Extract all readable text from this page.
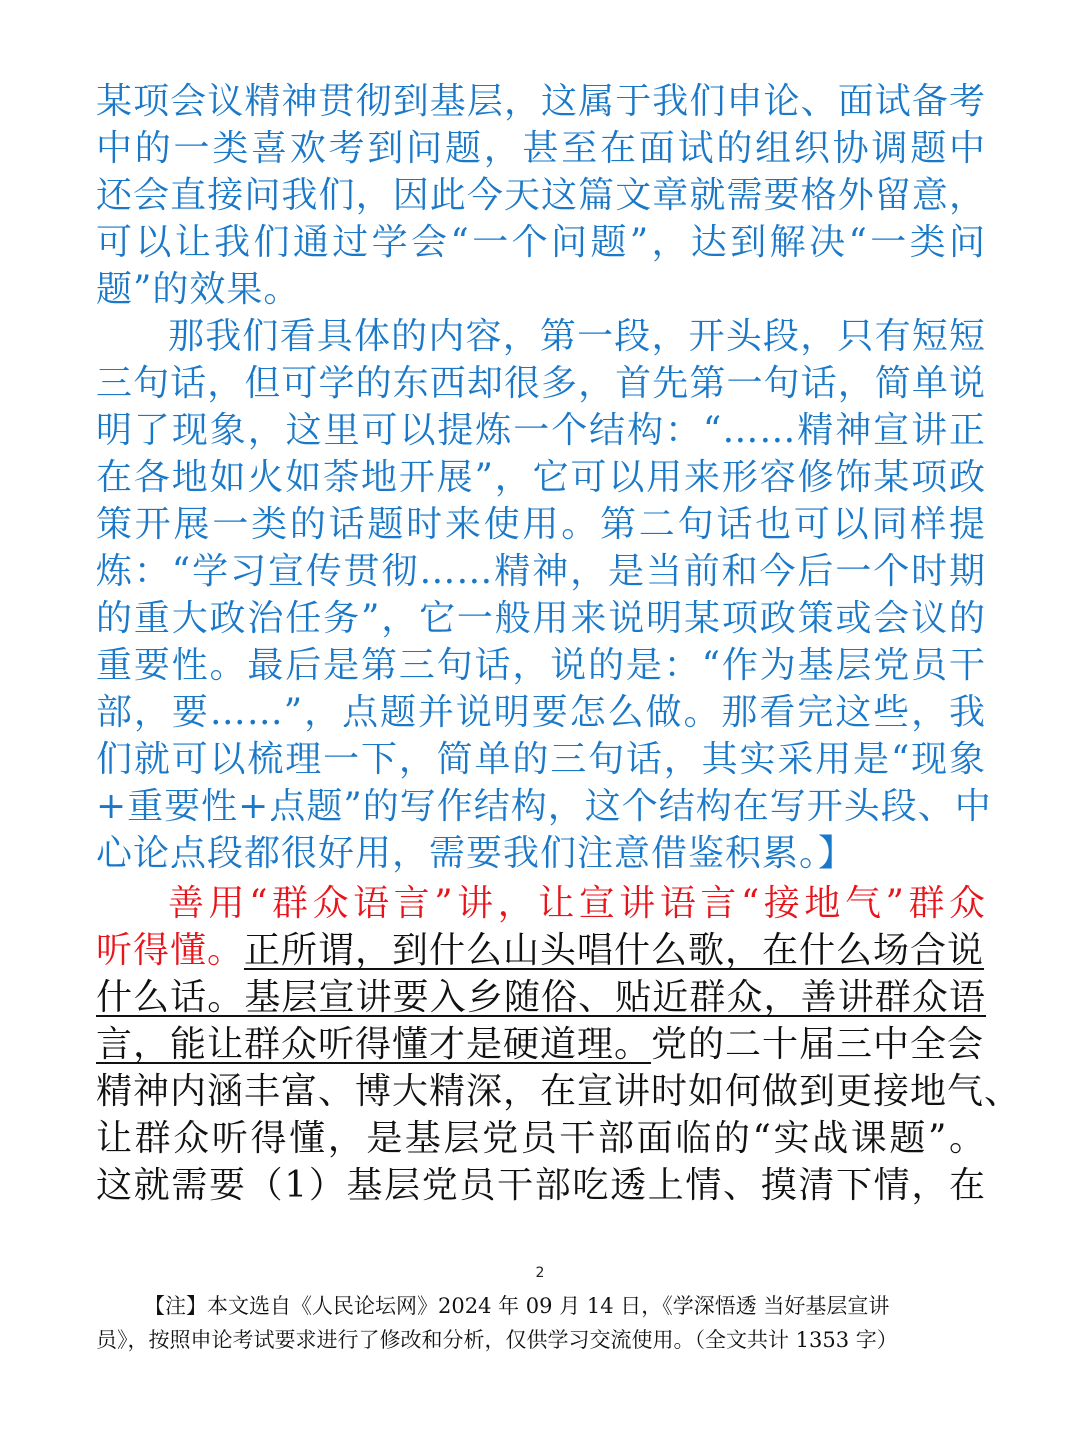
某项会议精神贯彻到基层，这属于我们申论、面试备考
中的一类喜欢考到问题，甚至在面试的组织协调题中
还会直接问我们，因此今天这篇文章就需要格外留意，
可以让我们通过学会“一个问题”，达到解决“一类问
题”的效果。
那我们看具体的内容，第一段，开头段，只有短短
三句话，但可学的东西却很多，首先第一句话，简单说
明了现象，这里可以提炼一个结构：“……精神宣讲正
在各地如火如荼地开展”，它可以用来形容修饰某项政
策开展一类的话题时来使用。第二句话也可以同样提
炼：“学习宣传贯彻……精神，是当前和今后一个时期
的重大政治任务”，它一般用来说明某项政策或会议的
重要性。最后是第三句话，说的是：“作为基层党员干
部，要……”，点题并说明要怎么做。那看完这些，我
们就可以梳理一下，简单的三句话，其实采用是“现象
+重要性+点题”的写作结构，这个结构在写开头段、中
心论点段都很好用，需要我们注意借鉴积累。】
善用“群众语言”讲，让宣讲语言“接地气”群众
听得懂。正所谓，到什么山头唱什么歌，在什么场合说
什么话。基层宣讲要入乡随俗、贴近群众，善讲群众语
言，能让群众听得懂才是硬道理。党的二十届三中全会
精神内涵丰富、博大精深，在宣讲时如何做到更接地气、
让群众听得懂，是基层党员干部面临的“实战课题”。
这就需要（1）基层党员干部吃透上情、摸清下情，在
2
【注】本文选自《人民论坛网》2024 年 09 月 14 日，《学深悟透 当好基层宣讲
员》，按照申论考试要求进行了修改和分析，仅供学习交流使用。（全文共计 1353 字）
